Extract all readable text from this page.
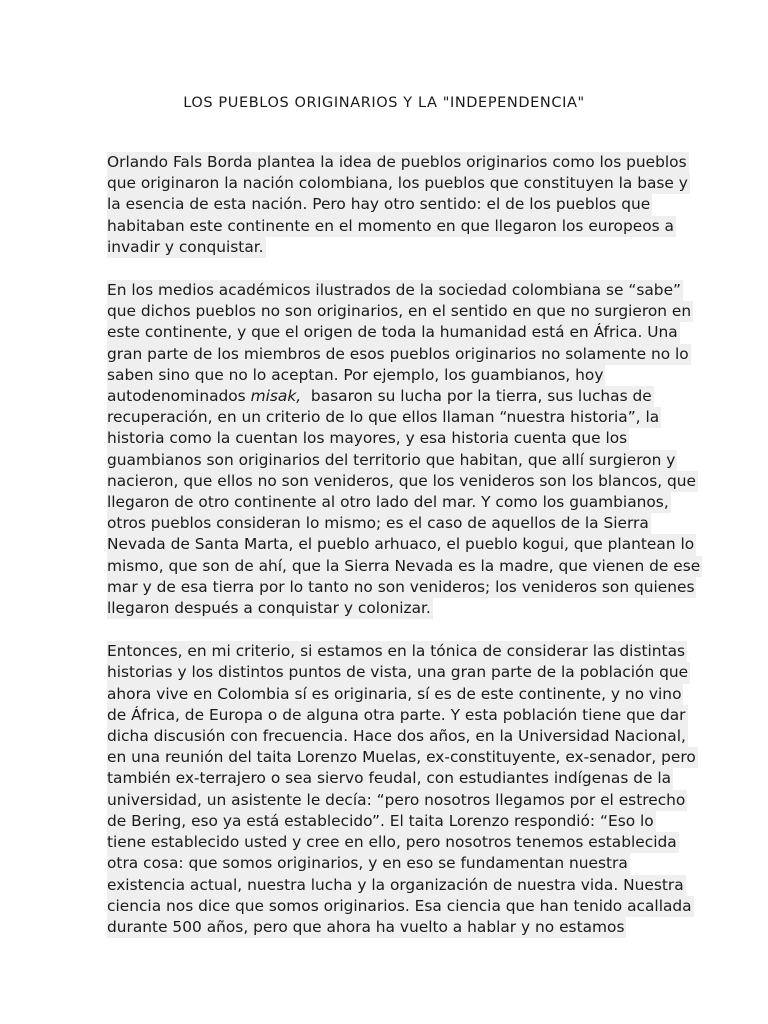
LOS PUEBLOS ORIGINARIOS Y LA "INDEPENDENCIA"

Orlando Fals Borda plantea la idea de pueblos originarios como los pueblos
que originaron la nación colombiana, los pueblos que constituyen la base y
la esencia de esta nación. Pero hay otro sentido: el de los pueblos que
habitaban este continente en el momento en que llegaron los europeos a
invadir y conquistar.

En los medios académicos ilustrados de la sociedad colombiana se “sabe”
que dichos pueblos no son originarios, en el sentido en que no surgieron en
este continente, y que el origen de toda la humanidad está en África. Una
gran parte de los miembros de esos pueblos originarios no solamente no lo
saben sino que no lo aceptan. Por ejemplo, los guambianos, hoy
autodenominados misak,  basaron su lucha por la tierra, sus luchas de
recuperación, en un criterio de lo que ellos llaman “nuestra historia”, la
historia como la cuentan los mayores, y esa historia cuenta que los
guambianos son originarios del territorio que habitan, que allí surgieron y
nacieron, que ellos no son venideros, que los venideros son los blancos, que
llegaron de otro continente al otro lado del mar. Y como los guambianos,
otros pueblos consideran lo mismo; es el caso de aquellos de la Sierra
Nevada de Santa Marta, el pueblo arhuaco, el pueblo kogui, que plantean lo
mismo, que son de ahí, que la Sierra Nevada es la madre, que vienen de ese
mar y de esa tierra por lo tanto no son venideros; los venideros son quienes
llegaron después a conquistar y colonizar.

Entonces, en mi criterio, si estamos en la tónica de considerar las distintas
historias y los distintos puntos de vista, una gran parte de la población que
ahora vive en Colombia sí es originaria, sí es de este continente, y no vino
de África, de Europa o de alguna otra parte. Y esta población tiene que dar
dicha discusión con frecuencia. Hace dos años, en la Universidad Nacional,
en una reunión del taita Lorenzo Muelas, ex-constituyente, ex-senador, pero
también ex-terrajero o sea siervo feudal, con estudiantes indígenas de la
universidad, un asistente le decía: “pero nosotros llegamos por el estrecho
de Bering, eso ya está establecido”. El taita Lorenzo respondió: “Eso lo
tiene establecido usted y cree en ello, pero nosotros tenemos establecida
otra cosa: que somos originarios, y en eso se fundamentan nuestra
existencia actual, nuestra lucha y la organización de nuestra vida. Nuestra
ciencia nos dice que somos originarios. Esa ciencia que han tenido acallada
durante 500 años, pero que ahora ha vuelto a hablar y no estamos
